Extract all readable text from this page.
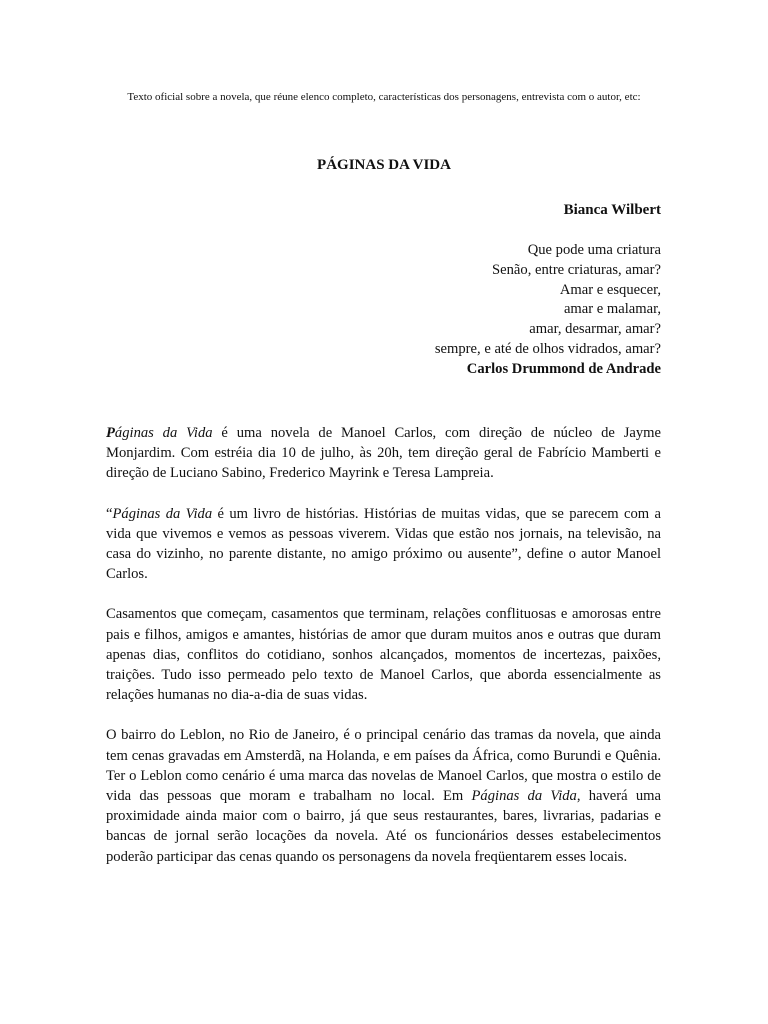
Texto oficial sobre a novela, que réune elenco completo, características dos personagens, entrevista com o autor, etc:
PÁGINAS DA VIDA
Bianca Wilbert
Que pode uma criatura
Senão, entre criaturas, amar?
Amar e esquecer,
amar e malamar,
amar, desarmar, amar?
sempre, e até de olhos vidrados, amar?
Carlos Drummond de Andrade

Páginas da Vida é uma novela de Manoel Carlos, com direção de núcleo de Jayme Monjardim. Com estréia dia 10 de julho, às 20h, tem direção geral de Fabrício Mamberti e direção de Luciano Sabino, Frederico Mayrink e Teresa Lampreia.

“Páginas da Vida é um livro de histórias. Histórias de muitas vidas, que se parecem com a vida que vivemos e vemos as pessoas viverem. Vidas que estão nos jornais, na televisão, na casa do vizinho, no parente distante, no amigo próximo ou ausente”, define o autor Manoel Carlos.

Casamentos que começam, casamentos que terminam, relações conflituosas e amorosas entre pais e filhos, amigos e amantes, histórias de amor que duram muitos anos e outras que duram apenas dias, conflitos do cotidiano, sonhos alcançados, momentos de incertezas, paixões, traições. Tudo isso permeado pelo texto de Manoel Carlos, que aborda essencialmente as relações humanas no dia-a-dia de suas vidas.

O bairro do Leblon, no Rio de Janeiro, é o principal cenário das tramas da novela, que ainda tem cenas gravadas em Amsterdã, na Holanda, e em países da África, como Burundi e Quênia. Ter o Leblon como cenário é uma marca das novelas de Manoel Carlos, que mostra o estilo de vida das pessoas que moram e trabalham no local. Em Páginas da Vida, haverá uma proximidade ainda maior com o bairro, já que seus restaurantes, bares, livrarias, padarias e bancas de jornal serão locações da novela. Até os funcionários desses estabelecimentos poderão participar das cenas quando os personagens da novela freqüentarem esses locais.
